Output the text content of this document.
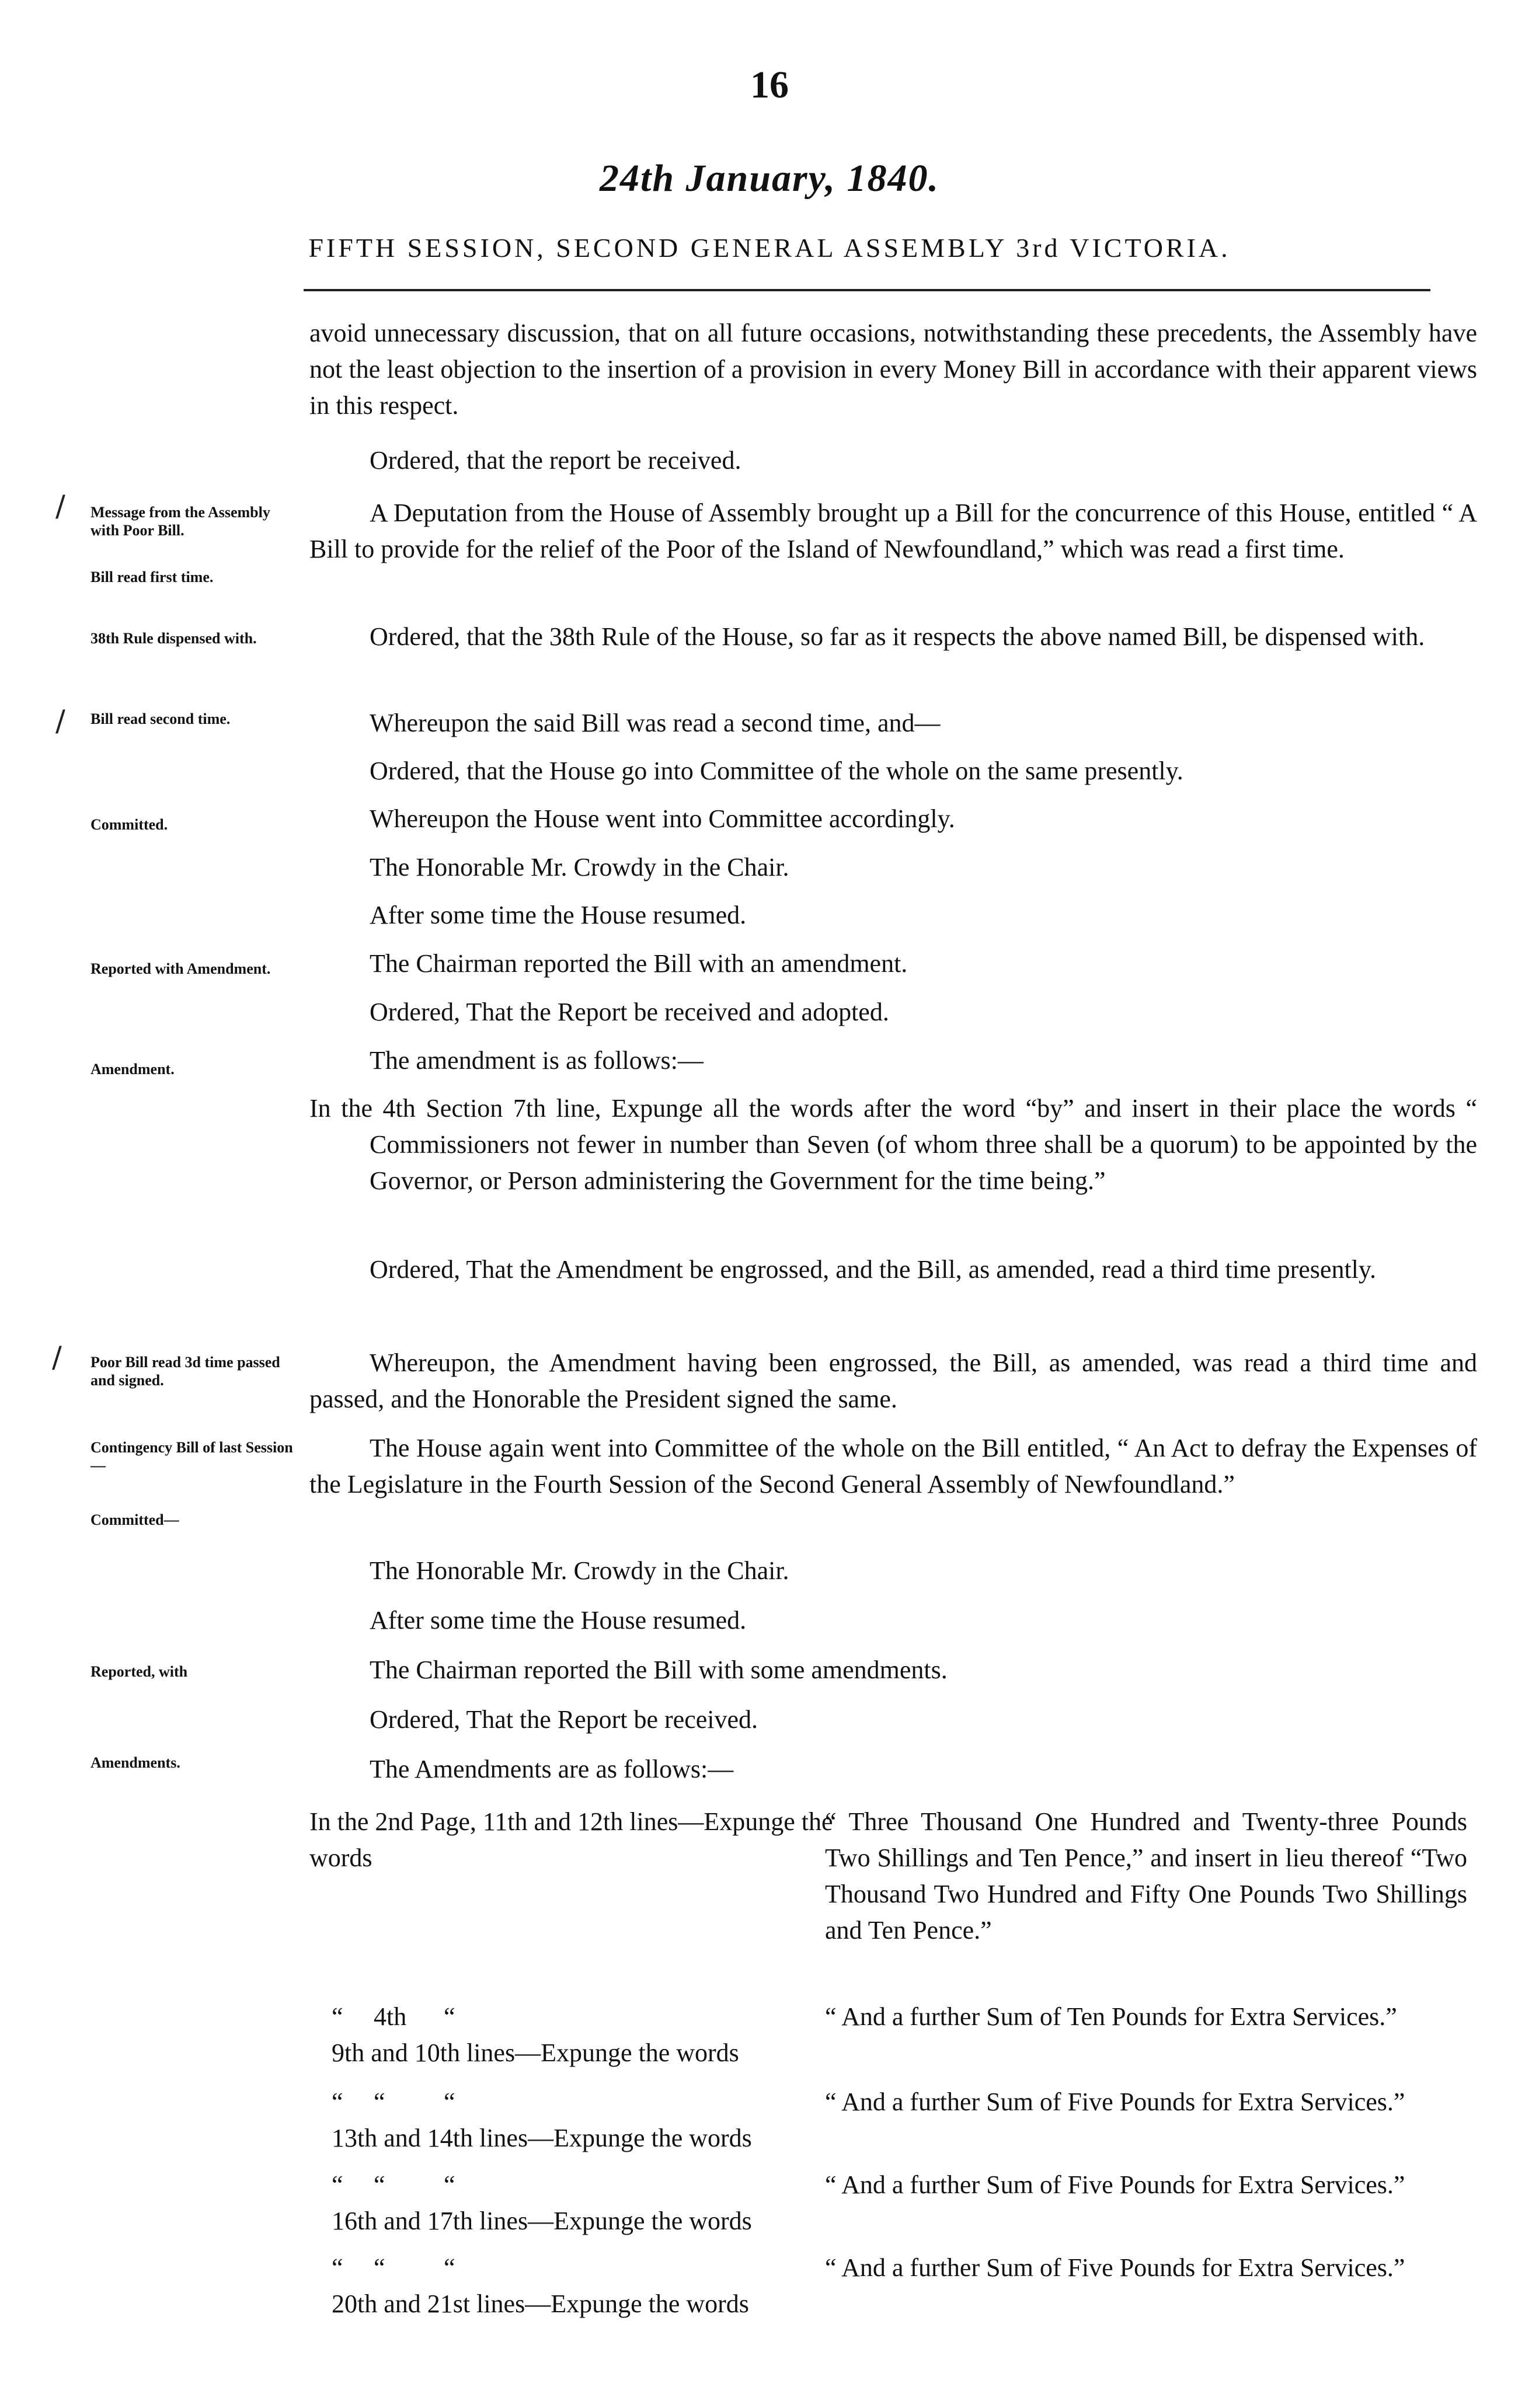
16
24th January, 1840.
FIFTH SESSION, SECOND GENERAL ASSEMBLY 3rd VICTORIA.
/ Message from the Assembly with Poor Bill.
Bill read first time.
38th Rule dispensed with.
/ Bill read second time.
Committed.
Reported with Amendment.
Amendment.
/ Poor Bill read 3d time passed and signed.
Contingency Bill of last Session—
Committed—
Reported, with
Amendments.
avoid unnecessary discussion, that on all future occasions, notwithstanding these precedents, the Assembly have not the least objection to the insertion of a provision in every Money Bill in accordance with their apparent views in this respect.
Ordered, that the report be received.
A Deputation from the House of Assembly brought up a Bill for the concurrence of this House, entitled “ A Bill to provide for the relief of the Poor of the Island of Newfoundland,” which was read a first time.
Ordered, that the 38th Rule of the House, so far as it respects the above named Bill, be dispensed with.
Whereupon the said Bill was read a second time, and—
Ordered, that the House go into Committee of the whole on the same presently.
Whereupon the House went into Committee accordingly.
The Honorable Mr. Crowdy in the Chair.
After some time the House resumed.
The Chairman reported the Bill with an amendment.
Ordered, That the Report be received and adopted.
The amendment is as follows:—
In the 4th Section 7th line, Expunge all the words after the word “by” and insert in their place the words “ Commissioners not fewer in number than Seven (of whom three shall be a quorum) to be appointed by the Governor, or Person administering the Government for the time being.”
Ordered, That the Amendment be engrossed, and the Bill, as amended, read a third time presently.
Whereupon, the Amendment having been engrossed, the Bill, as amended, was read a third time and passed, and the Honorable the President signed the same.
The House again went into Committee of the whole on the Bill entitled, “ An Act to defray the Expenses of the Legislature in the Fourth Session of the Second General Assembly of Newfoundland.”
The Honorable Mr. Crowdy in the Chair.
After some time the House resumed.
The Chairman reported the Bill with some amendments.
Ordered, That the Report be received.
The Amendments are as follows:—
In the 2nd Page, 11th and 12th lines—Expunge the words
“ Three Thousand One Hundred and Twenty-three Pounds Two Shillings and Ten Pence,” and insert in lieu thereof “Two Thousand Two Hundred and Fifty One Pounds Two Shillings and Ten Pence.”
“ 4th “9th and 10th lines—Expunge the words
“ And a further Sum of Ten Pounds for Extra Services.”
“ “ “13th and 14th lines—Expunge the words
“ And a further Sum of Five Pounds for Extra Services.”
“ “ “16th and 17th lines—Expunge the words
“ And a further Sum of Five Pounds for Extra Services.”
“ “ “20th and 21st lines—Expunge the words
“ And a further Sum of Five Pounds for Extra Services.”
